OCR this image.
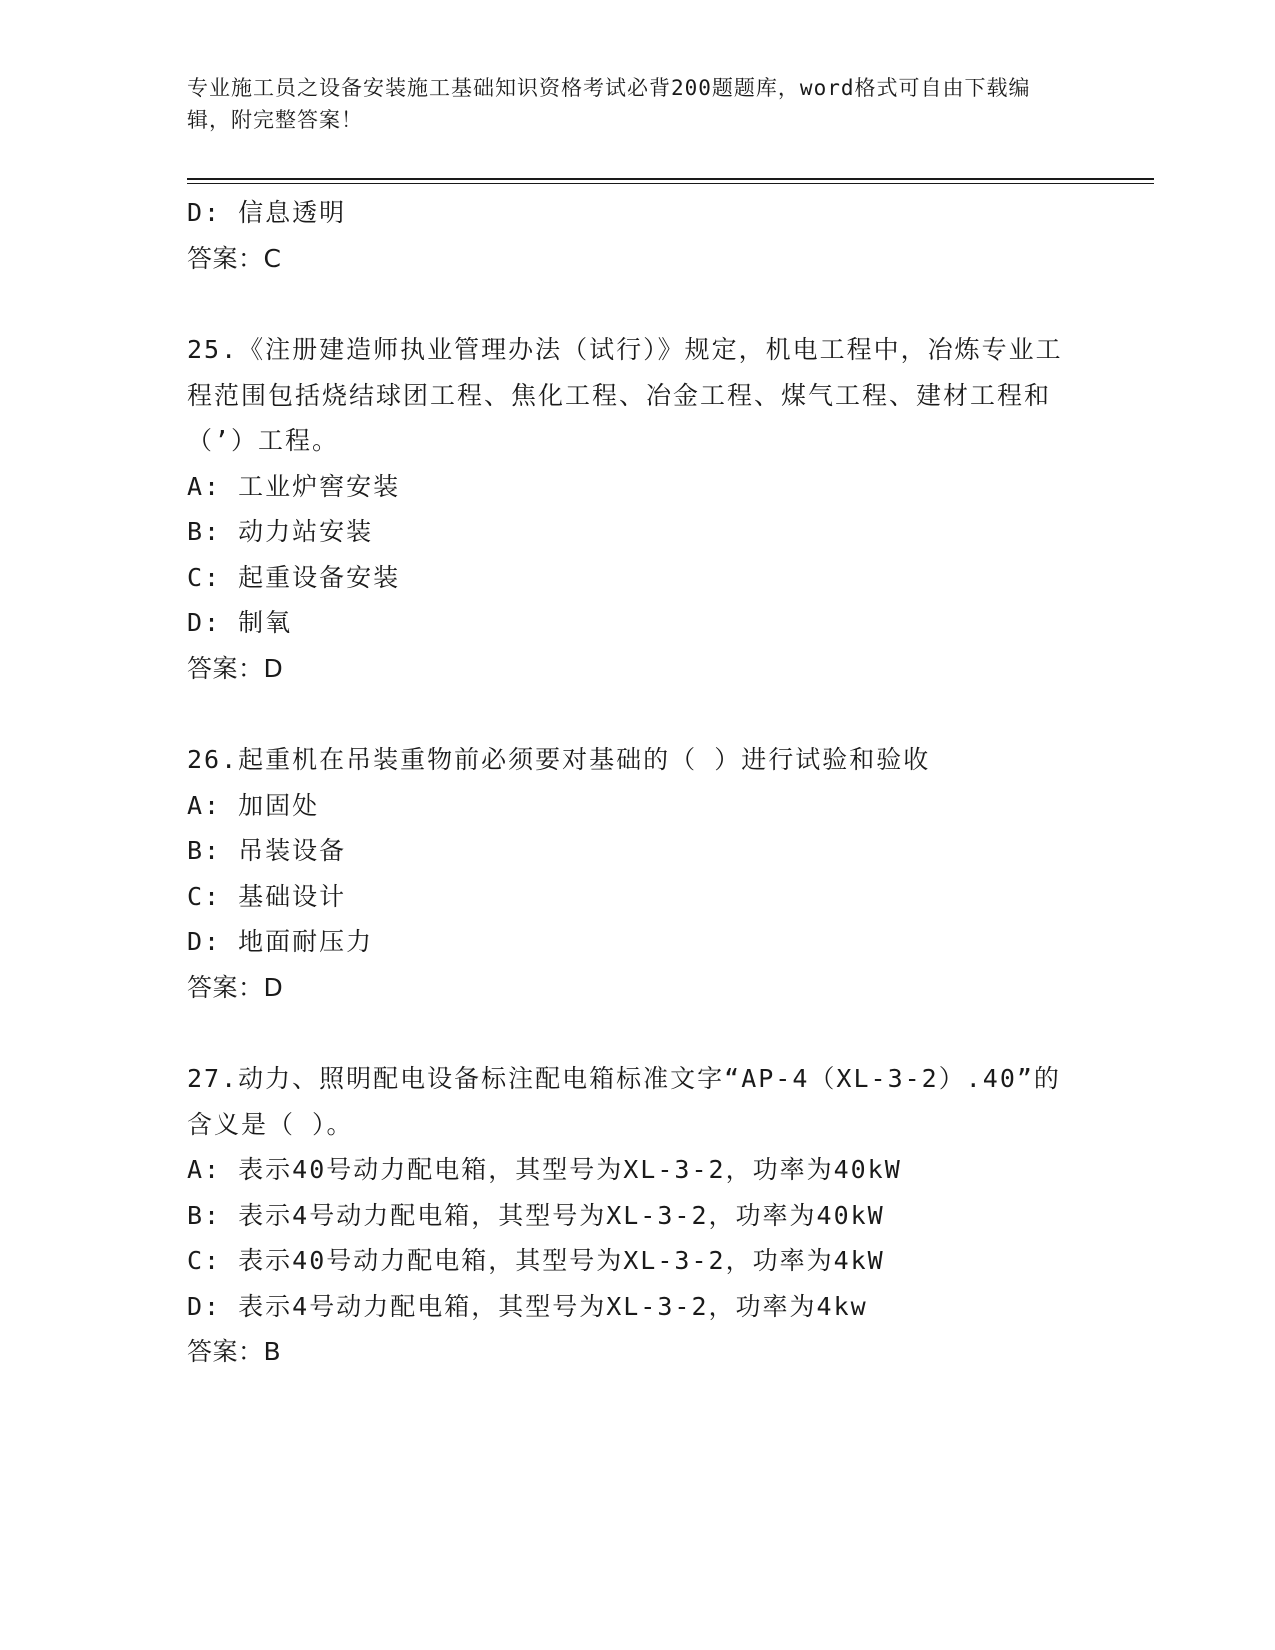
专业施工员之设备安装施工基础知识资格考试必背200题题库，word格式可自由下载编辑，附完整答案！

D: 信息透明

答案：C

25.《注册建造师执业管理办法（试行）》规定，机电工程中，冶炼专业工程范围包括烧结球团工程、焦化工程、冶金工程、煤气工程、建材工程和（’）工程。

A: 工业炉窖安装

B: 动力站安装

C: 起重设备安装

D: 制氧

答案：D

26.起重机在吊装重物前必须要对基础的（ ）进行试验和验收

A: 加固处

B: 吊装设备

C: 基础设计

D: 地面耐压力

答案：D

27.动力、照明配电设备标注配电箱标准文字“AP-4（XL-3-2）.40”的含义是（ ）。

A: 表示40号动力配电箱，其型号为XL-3-2，功率为40kW

B: 表示4号动力配电箱，其型号为XL-3-2，功率为40kW

C: 表示40号动力配电箱，其型号为XL-3-2，功率为4kW

D: 表示4号动力配电箱，其型号为XL-3-2，功率为4kw

答案：B
